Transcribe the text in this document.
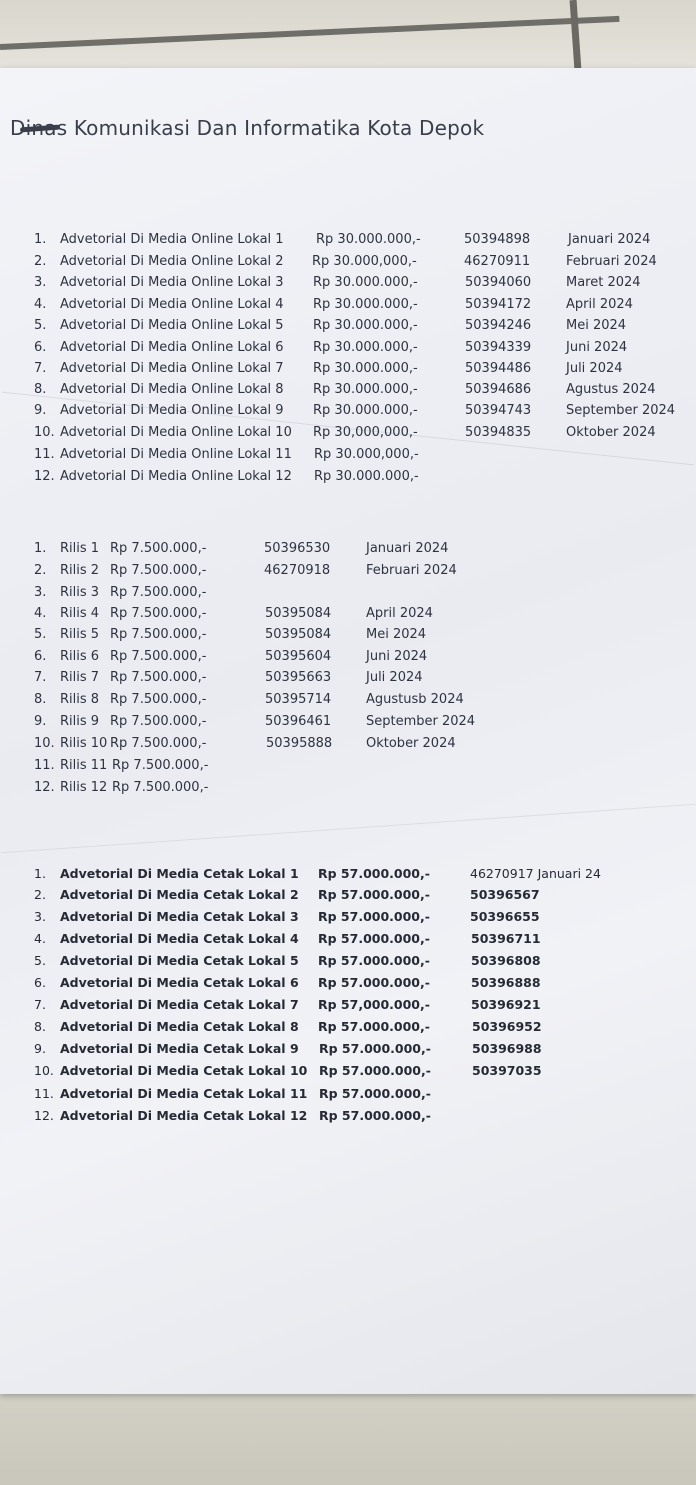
Dinas Komunikasi Dan Informatika Kota Depok
1. Advetorial Di Media Online Lokal 1 Rp 30.000.000,-	50394898	Januari 2024
2. Advetorial Di Media Online Lokal 2 Rp 30.000,000,-	46270911	Februari 2024
3. Advetorial Di Media Online Lokal 3 Rp 30.000.000,-	50394060	Maret 2024
4. Advetorial Di Media Online Lokal 4 Rp 30.000.000,-	50394172	April 2024
5. Advetorial Di Media Online Lokal 5 Rp 30.000.000,-	50394246	Mei 2024
6. Advetorial Di Media Online Lokal 6 Rp 30.000.000,-	50394339	Juni 2024
7. Advetorial Di Media Online Lokal 7 Rp 30.000.000,-	50394486	Juli 2024
8. Advetorial Di Media Online Lokal 8 Rp 30.000.000,-	50394686	Agustus 2024
9. Advetorial Di Media Online Lokal 9 Rp 30.000.000,-	50394743	September 2024
10. Advetorial Di Media Online Lokal 10 Rp 30,000,000,-	50394835	Oktober 2024
11. Advetorial Di Media Online Lokal 11 Rp 30.000,000,-
12. Advetorial Di Media Online Lokal 12 Rp 30.000.000,-
1. Rilis 1 Rp 7.500.000,-	50396530	Januari 2024
2. Rilis 2 Rp 7.500.000,-	46270918	Februari 2024
3. Rilis 3 Rp 7.500.000,-
4. Rilis 4 Rp 7.500.000,-	50395084	April 2024
5. Rilis 5 Rp 7.500.000,-	50395084	Mei 2024
6. Rilis 6 Rp 7.500.000,-	50395604	Juni 2024
7. Rilis 7 Rp 7.500.000,-	50395663	Juli 2024
8. Rilis 8 Rp 7.500.000,-	50395714	Agustusb 2024
9. Rilis 9 Rp 7.500.000,-	50396461	September 2024
10. Rilis 10 Rp 7.500.000,-	50395888	Oktober 2024
11. Rilis 11 Rp 7.500.000,-
12. Rilis 12 Rp 7.500.000,-
1. Advetorial Di Media Cetak Lokal 1 Rp 57.000.000,-	46270917 Januari 24
2. Advetorial Di Media Cetak Lokal 2 Rp 57.000.000,-	50396567
3. Advetorial Di Media Cetak Lokal 3 Rp 57.000.000,-	50396655
4. Advetorial Di Media Cetak Lokal 4 Rp 57.000.000,-	50396711
5. Advetorial Di Media Cetak Lokal 5 Rp 57.000.000,-	50396808
6. Advetorial Di Media Cetak Lokal 6 Rp 57.000.000,-	50396888
7. Advetorial Di Media Cetak Lokal 7 Rp 57,000.000,-	50396921
8. Advetorial Di Media Cetak Lokal 8 Rp 57.000.000,-	50396952
9. Advetorial Di Media Cetak Lokal 9 Rp 57.000.000,-	50396988
10. Advetorial Di Media Cetak Lokal 10 Rp 57.000.000,-	50397035
11. Advetorial Di Media Cetak Lokal 11 Rp 57.000.000,-
12. Advetorial Di Media Cetak Lokal 12 Rp 57.000.000,-
